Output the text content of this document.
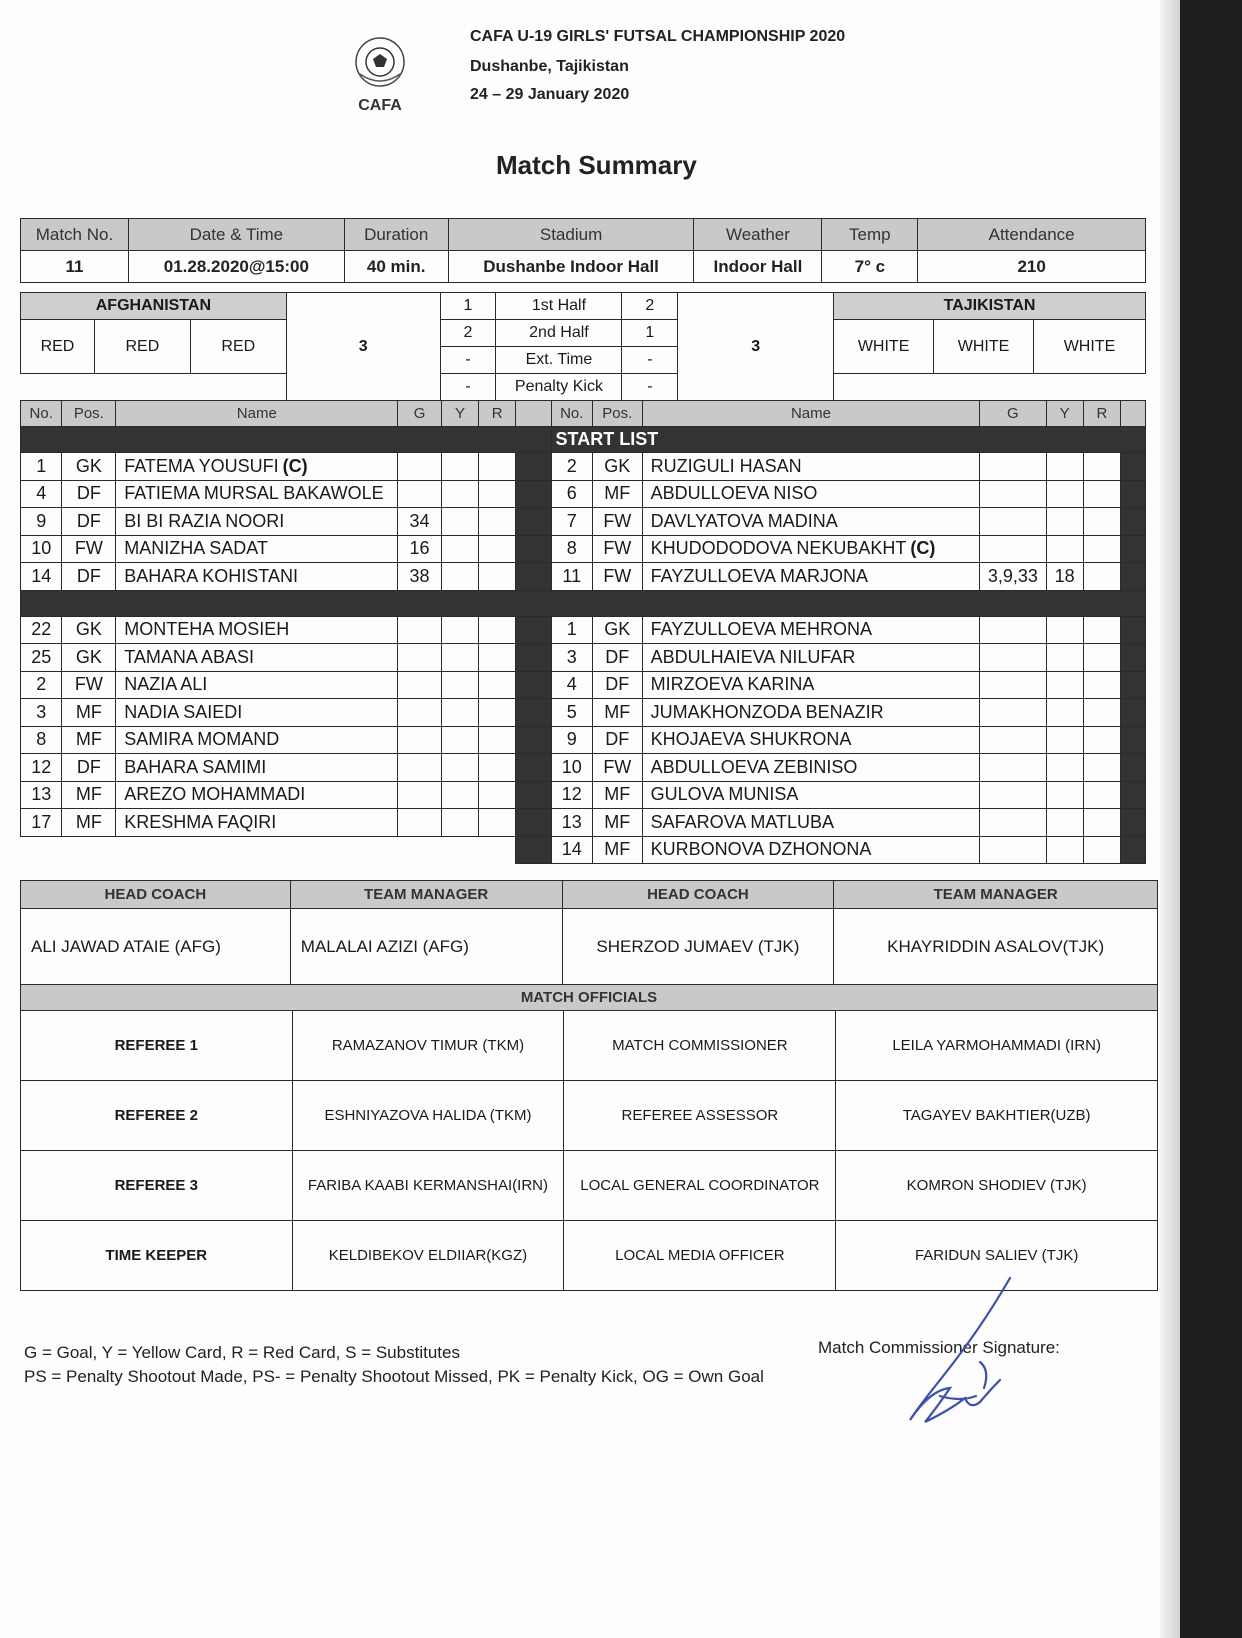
CAFA
CAFA U-19 GIRLS' FUTSAL CHAMPIONSHIP 2020
Dushanbe, Tajikistan
24 – 29 January 2020
Match Summary
Match No.	Date & Time	Duration	Stadium	Weather	Temp	Attendance
11	01.28.2020@15:00	40 min.	Dushanbe Indoor Hall	Indoor Hall	7° c	210
AFGHANISTAN			3	1	1st Half	2	3	TAJIKISTAN		
RED	RED	RED		2	2nd Half	1		WHITE	WHITE	WHITE
				-	Ext. Time	-				
				-	Penalty Kick	-				
No.	Pos.	Name	G	Y	R		No.	Pos.	Name	G	Y	R	
							START LIST						
1	GK	FATEMA YOUSUFI (C)					2	GK	RUZIGULI HASAN				
4	DF	FATIEMA MURSAL BAKAWOLE					6	MF	ABDULLOEVA NISO				
9	DF	BI BI RAZIA NOORI	34				7	FW	DAVLYATOVA MADINA				
10	FW	MANIZHA SADAT	16				8	FW	KHUDODODOVA NEKUBAKHT (C)				
14	DF	BAHARA KOHISTANI	38				11	FW	FAYZULLOEVA MARJONA	3,9,33	18		

22	GK	MONTEHA MOSIEH					1	GK	FAYZULLOEVA MEHRONA				
25	GK	TAMANA ABASI					3	DF	ABDULHAIEVA NILUFAR				
2	FW	NAZIA ALI					4	DF	MIRZOEVA KARINA				
3	MF	NADIA SAIEDI					5	MF	JUMAKHONZODA BENAZIR				
8	MF	SAMIRA MOMAND					9	DF	KHOJAEVA SHUKRONA				
12	DF	BAHARA SAMIMI					10	FW	ABDULLOEVA ZEBINISO				
13	MF	AREZO MOHAMMADI					12	MF	GULOVA MUNISA				
17	MF	KRESHMA FAQIRI					13	MF	SAFAROVA MATLUBA				
							14	MF	KURBONOVA DZHONONA				
HEAD COACH	TEAM MANAGER	HEAD COACH	TEAM MANAGER
ALI JAWAD ATAIE (AFG)	MALALAI AZIZI (AFG)	SHERZOD JUMAEV (TJK)	KHAYRIDDIN ASALOV(TJK)
MATCH OFFICIALS			
REFEREE 1	RAMAZANOV TIMUR (TKM)	MATCH COMMISSIONER	LEILA YARMOHAMMADI (IRN)
REFEREE 2	ESHNIYAZOVA HALIDA (TKM)	REFEREE ASSESSOR	TAGAYEV BAKHTIER(UZB)
REFEREE 3	FARIBA KAABI KERMANSHAI(IRN)	LOCAL GENERAL COORDINATOR	KOMRON SHODIEV (TJK)
TIME KEEPER	KELDIBEKOV ELDIIAR(KGZ)	LOCAL MEDIA OFFICER	FARIDUN SALIEV (TJK)
G = Goal, Y = Yellow Card, R = Red Card, S = Substitutes
PS = Penalty Shootout Made, PS- = Penalty Shootout Missed, PK = Penalty Kick, OG = Own Goal
Match Commissioner Signature:
